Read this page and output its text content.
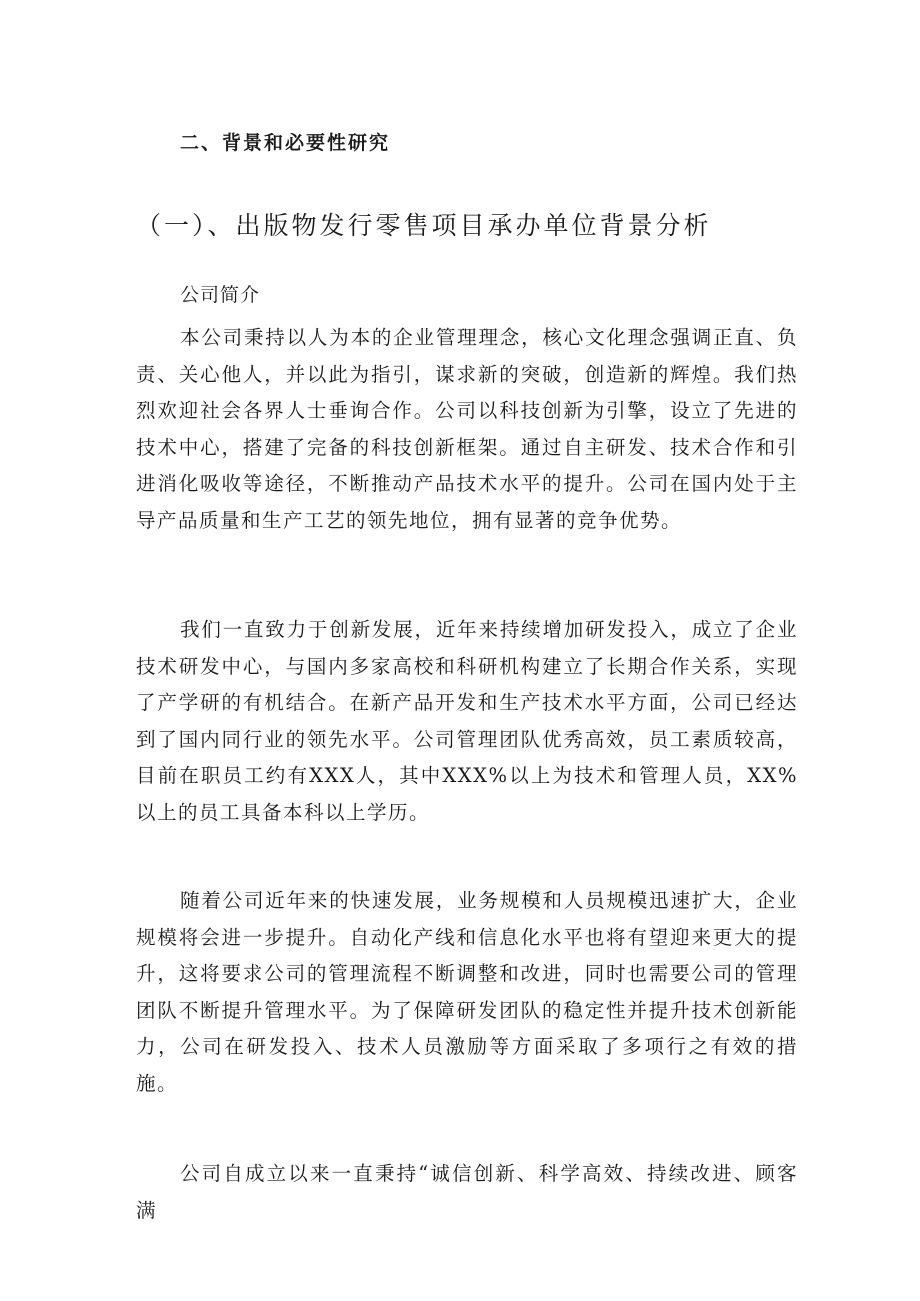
二、背景和必要性研究
（一）、出版物发行零售项目承办单位背景分析

公司简介

本公司秉持以人为本的企业管理理念，核心文化理念强调正直、负责、关心他人，并以此为指引，谋求新的突破，创造新的辉煌。我们热烈欢迎社会各界人士垂询合作。公司以科技创新为引擎，设立了先进的技术中心，搭建了完备的科技创新框架。通过自主研发、技术合作和引进消化吸收等途径，不断推动产品技术水平的提升。公司在国内处于主导产品质量和生产工艺的领先地位，拥有显著的竞争优势。

我们一直致力于创新发展，近年来持续增加研发投入，成立了企业技术研发中心，与国内多家高校和科研机构建立了长期合作关系，实现了产学研的有机结合。在新产品开发和生产技术水平方面，公司已经达到了国内同行业的领先水平。公司管理团队优秀高效，员工素质较高，目前在职员工约有XXX人，其中XXX%以上为技术和管理人员，XX%以上的员工具备本科以上学历。

随着公司近年来的快速发展，业务规模和人员规模迅速扩大，企业规模将会进一步提升。自动化产线和信息化水平也将有望迎来更大的提升，这将要求公司的管理流程不断调整和改进，同时也需要公司的管理团队不断提升管理水平。为了保障研发团队的稳定性并提升技术创新能力，公司在研发投入、技术人员激励等方面采取了多项行之有效的措施。

公司自成立以来一直秉持“诚信创新、科学高效、持续改进、顾客满
